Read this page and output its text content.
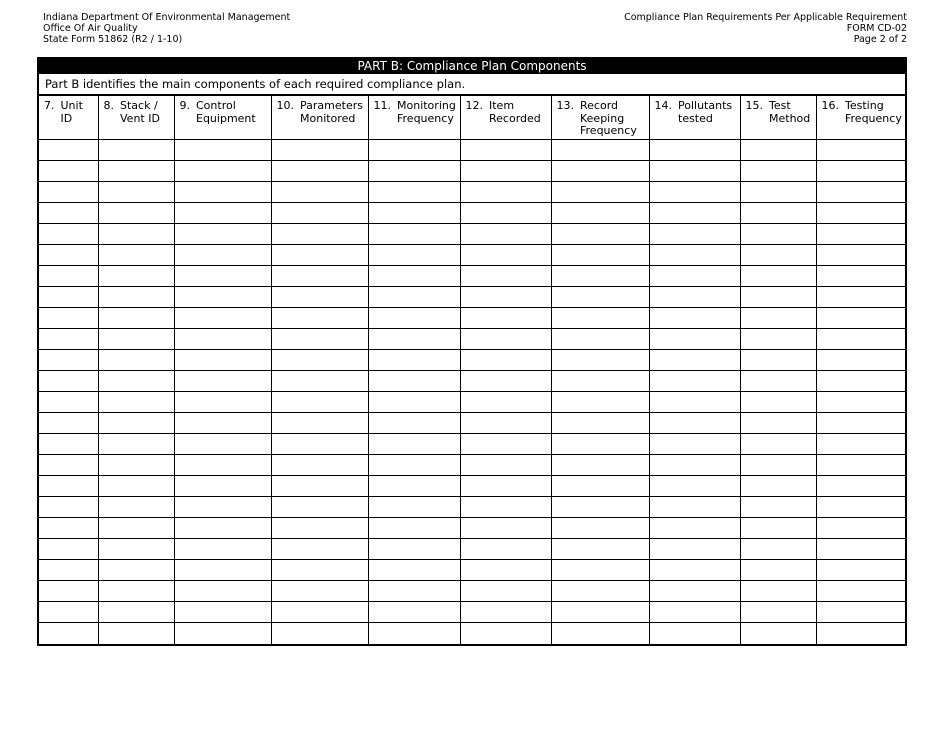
Indiana Department Of Environmental Management
Office Of Air Quality
State Form 51862 (R2 / 1-10)
Compliance Plan Requirements Per Applicable Requirement
FORM CD-02
Page 2 of 2
PART B: Compliance Plan Components
Part B identifies the main components of each required compliance plan.
7. Unit ID	8. Stack / Vent ID	9. Control Equipment	10. Parameters Monitored	11. Monitoring Frequency	12. Item Recorded	13. Record Keeping Frequency	14. Pollutants tested	15. Test Method	16. Testing Frequency
